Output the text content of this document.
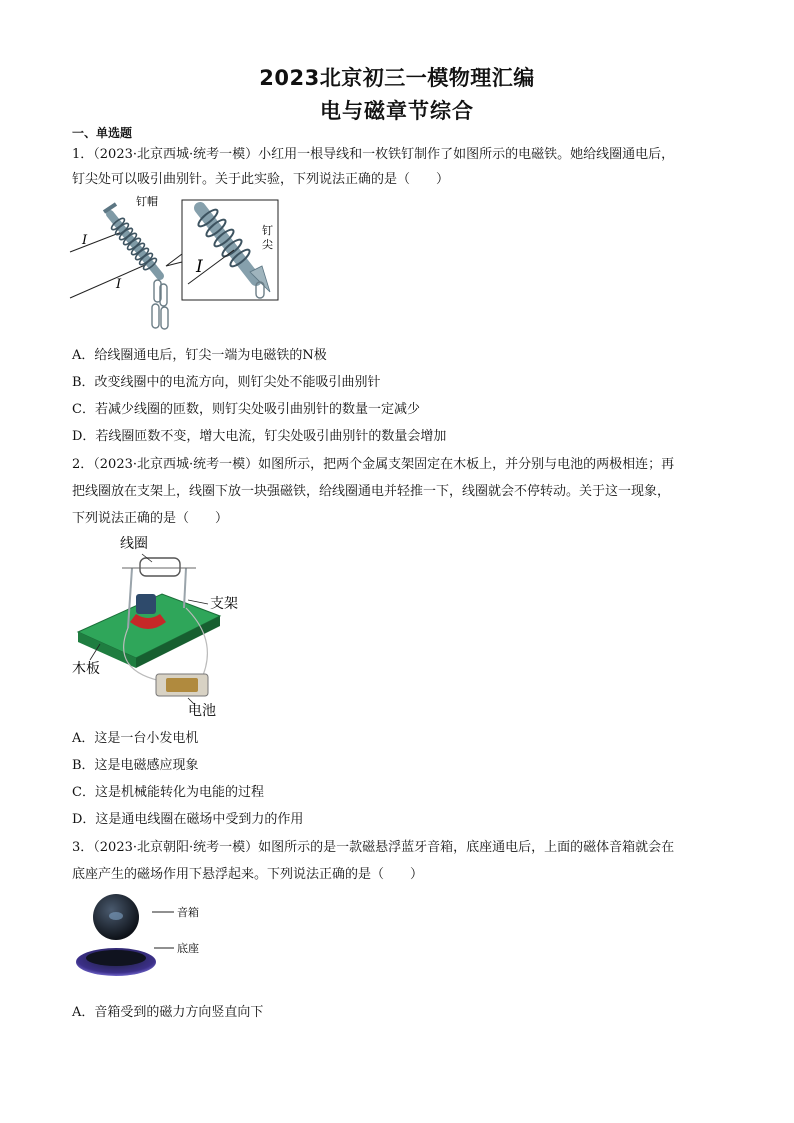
2023北京初三一模物理汇编
电与磁章节综合
一、单选题
1．（2023·北京西城·统考一模）小红用一根导线和一枚铁钉制作了如图所示的电磁铁。她给线圈通电后，
钉尖处可以吸引曲别针。关于此实验，下列说法正确的是（　　）
钉帽
I
I
I
钉
尖
A．给线圈通电后，钉尖一端为电磁铁的N极
B．改变线圈中的电流方向，则钉尖处不能吸引曲别针
C．若减少线圈的匝数，则钉尖处吸引曲别针的数量一定减少
D．若线圈匝数不变，增大电流，钉尖处吸引曲别针的数量会增加
2．（2023·北京西城·统考一模）如图所示，把两个金属支架固定在木板上，并分别与电池的两极相连；再
把线圈放在支架上，线圈下放一块强磁铁，给线圈通电并轻推一下，线圈就会不停转动。关于这一现象，
下列说法正确的是（　　）
线圈
支架
木板
电池
A．这是一台小发电机
B．这是电磁感应现象
C．这是机械能转化为电能的过程
D．这是通电线圈在磁场中受到力的作用
3．（2023·北京朝阳·统考一模）如图所示的是一款磁悬浮蓝牙音箱，底座通电后，上面的磁体音箱就会在
底座产生的磁场作用下悬浮起来。下列说法正确的是（　　）
音箱
底座
A．音箱受到的磁力方向竖直向下
